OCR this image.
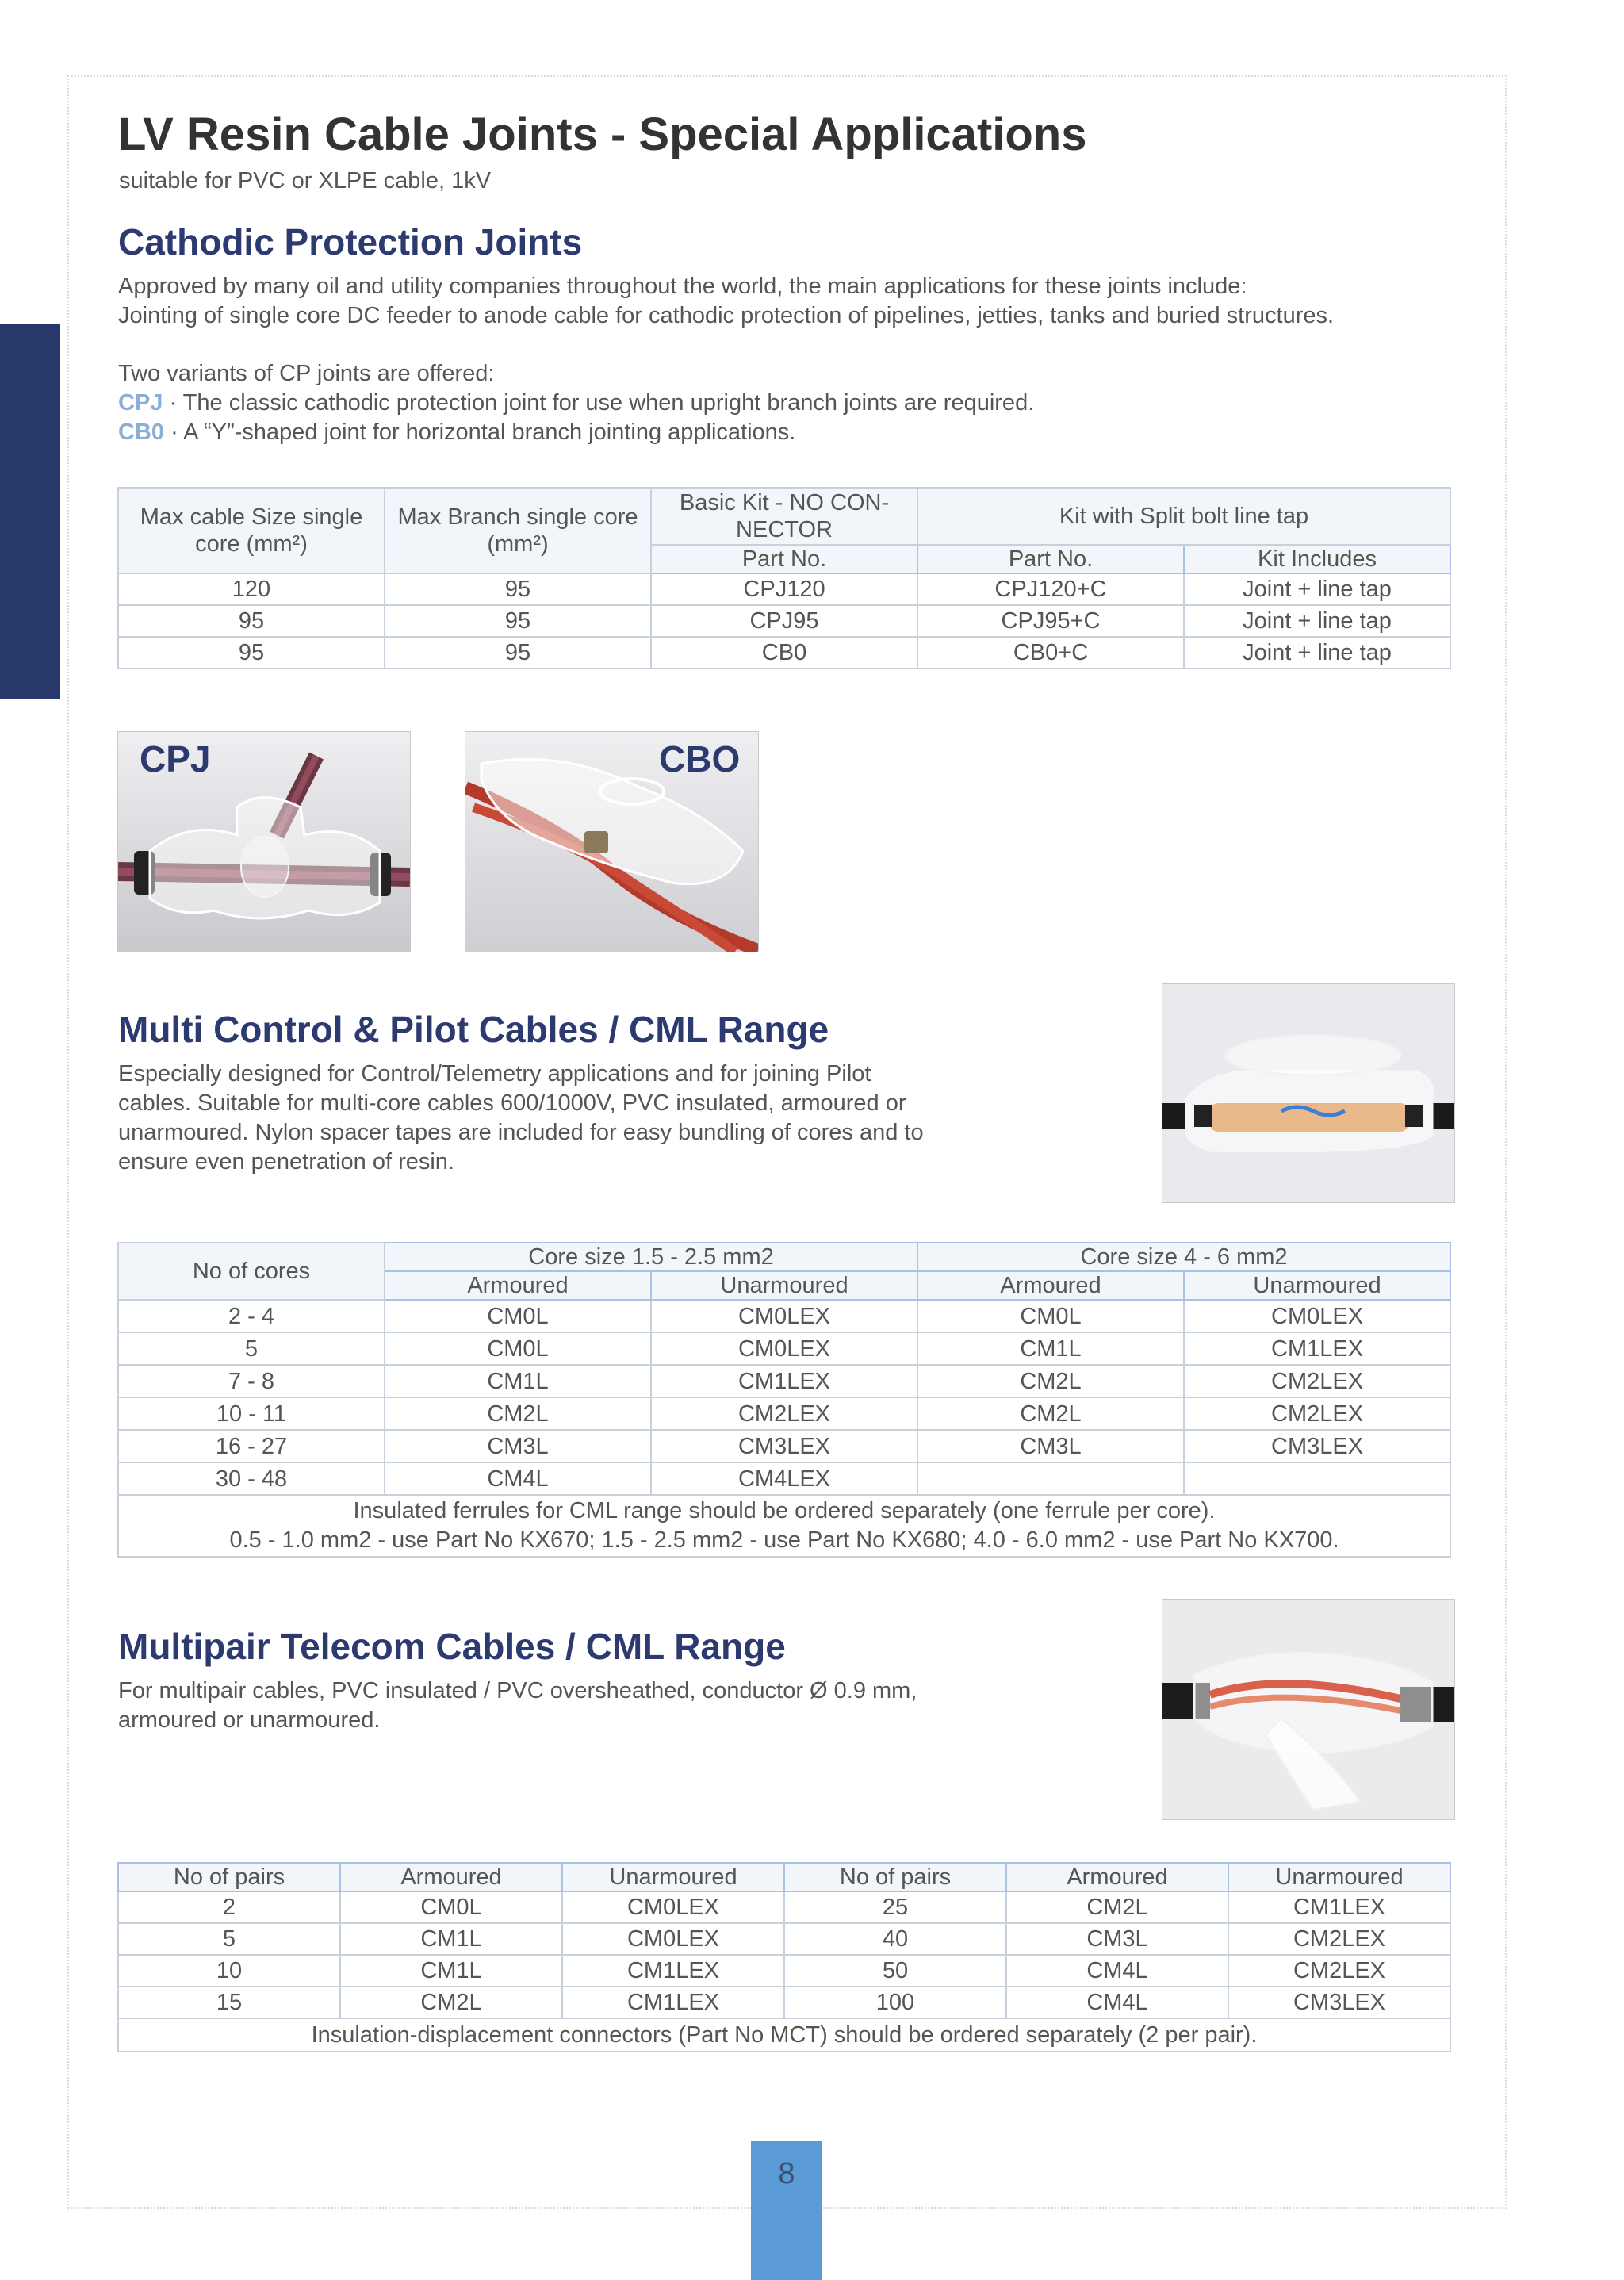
LV Resin Cable Joints - Special Applications
suitable for PVC or XLPE cable, 1kV
Cathodic Protection Joints
Approved by many oil and utility companies throughout the world, the main applications for these joints include:
Jointing of single core DC feeder to anode cable for cathodic protection of pipelines, jetties, tanks and buried structures.
Two variants of CP joints are offered:
CPJ · The classic cathodic protection joint for use when upright branch joints are required.
CB0 · A “Y”-shaped joint for horizontal branch jointing applications.
Max cable Size single core (mm²)	Max Branch single core (mm²)	Basic Kit - NO CON-NECTOR	Kit with Split bolt line tap	
		Part No.	Part No.	Kit Includes
120	95	CPJ120	CPJ120+C	Joint + line tap
95	95	CPJ95	CPJ95+C	Joint + line tap
95	95	CB0	CB0+C	Joint + line tap
CPJ	CBO
Multi Control & Pilot Cables / CML Range
Especially designed for Control/Telemetry applications and for joining Pilot
cables. Suitable for multi-core cables 600/1000V, PVC insulated, armoured or
unarmoured. Nylon spacer tapes are included for easy bundling of cores and to
ensure even penetration of resin.
No of cores	Core size 1.5 - 2.5 mm2		Core size 4 - 6 mm2	
	Armoured	Unarmoured	Armoured	Unarmoured
2 - 4	CM0L	CM0LEX	CM0L	CM0LEX
5	CM0L	CM0LEX	CM1L	CM1LEX
7 - 8	CM1L	CM1LEX	CM2L	CM2LEX
10 - 11	CM2L	CM2LEX	CM2L	CM2LEX
16 - 27	CM3L	CM3LEX	CM3L	CM3LEX
30 - 48	CM4L	CM4LEX		

Insulated ferrules for CML range should be ordered separately (one ferrule per core).
0.5 - 1.0 mm2 - use Part No KX670; 1.5 - 2.5 mm2 - use Part No KX680; 4.0 - 6.0 mm2 - use Part No KX700.				
Multipair Telecom Cables / CML Range
For multipair cables, PVC insulated / PVC oversheathed, conductor Ø 0.9 mm,
armoured or unarmoured.
No of pairs	Armoured	Unarmoured	No of pairs	Armoured	Unarmoured
2	CM0L	CM0LEX	25	CM2L	CM1LEX
5	CM1L	CM0LEX	40	CM3L	CM2LEX
10	CM1L	CM1LEX	50	CM4L	CM2LEX
15	CM2L	CM1LEX	100	CM4L	CM3LEX
Insulation-displacement connectors (Part No MCT) should be ordered separately (2 per pair).					
8
